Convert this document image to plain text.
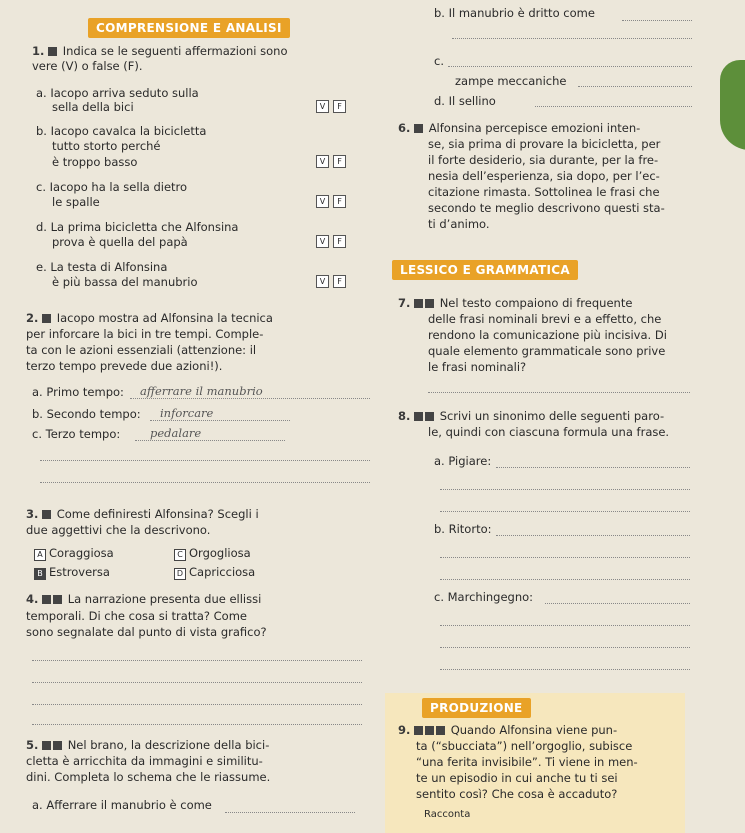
COMPRENSIONE E ANALISI
1. Indica se le seguenti affermazioni sono
vere (V) o false (F).
a. Iacopo arriva seduto sulla
sella della bici	V F
b. Iacopo cavalca la bicicletta
tutto storto perché
è troppo basso	V F
c. Iacopo ha la sella dietro
le spalle	V F
d. La prima bicicletta che Alfonsina
prova è quella del papà	V F
e. La testa di Alfonsina
è più bassa del manubrio	V F
2. Iacopo mostra ad Alfonsina la tecnica
per inforcare la bici in tre tempi. Comple-
ta con le azioni essenziali (attenzione: il
terzo tempo prevede due azioni!).
a. Primo tempo: afferrare il manubrio
b. Secondo tempo: inforcare
c. Terzo tempo:	pedalare
3. Come definiresti Alfonsina? Scegli i
due aggettivi che la descrivono.
A Coraggiosa	C Orgogliosa
B Estroversa	D Capricciosa
4.	La narrazione presenta due ellissi
temporali. Di che cosa si tratta? Come
sono segnalate dal punto di vista grafico?
5.	Nel brano, la descrizione della bici-
cletta è arricchita da immagini e similitu-
dini. Completa lo schema che le riassume.
a. Afferrare il manubrio è come
b. Il manubrio è dritto come
c.
zampe meccaniche
d. Il sellino
6. Alfonsina percepisce emozioni inten-
se, sia prima di provare la bicicletta, per
il forte desiderio, sia durante, per la fre-
nesia dell’esperienza, sia dopo, per l’ec-
citazione rimasta. Sottolinea le frasi che
secondo te meglio descrivono questi sta-
ti d’animo.
LESSICO E GRAMMATICA
7.	Nel testo compaiono di frequente
delle frasi nominali brevi e a effetto, che
rendono la comunicazione più incisiva. Di
quale elemento grammaticale sono prive
le frasi nominali?
8.	Scrivi un sinonimo delle seguenti paro-
le, quindi con ciascuna formula una frase.
a. Pigiare:
b. Ritorto:
c. Marchingegno:
PRODUZIONE
9.	Quando Alfonsina viene pun-
ta (“sbucciata”) nell’orgoglio, subisce
“una ferita invisibile”. Ti viene in men-
te un episodio in cui anche tu ti sei
sentito così? Che cosa è accaduto?
Racconta
